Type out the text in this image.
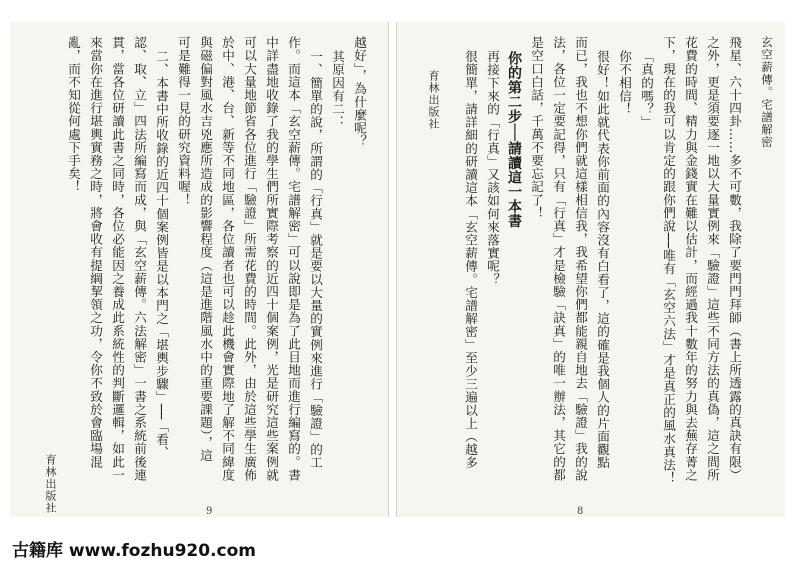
越好」，為什麼呢？
其原因有二：
一、簡單的說，所謂的「行真」就是要以大量的實例來進行「驗證」的工
作。而這本「玄空薪傳。宅譜解密」可以說即是為了此目地而進行編寫的。書
中詳盡地收錄了我的學生們所實際考察的近四十個案例，光是研究這些案例就
可以大量地節省各位進行「驗證」所需花費的時間。此外，由於這些學生廣佈
於中、港、台、新等不同地區，各位讀者也可以趁此機會實際地了解不同緯度
與磁偏對風水吉兇應所造成的影響程度（這是進階風水中的重要課題），這
可是難得一見的研究資料喔！
二、本書中所收錄的近四十個案例皆是以本門之「堪輿步驟」──「看、
認、取、立」四法所編寫而成，與「玄空薪傳。六法解密」一書之系統前後連
貫，當各位研讀此書之同時，各位必能因之養成此系統性的判斷邏輯，如此一
來當你在進行堪輿實務之時，將會收有提綱挈領之功，令你不致於會臨場混
亂，而不知從何處下手矣！
育林出版社	9
玄空薪傳。宅譜解密
飛星、六十四卦……多不可數，我除了要門門拜師（書上所透露的真訣有限）
之外，更是須要逐一地以大量實例來「驗證」這些不同方法的真偽，這之間所
花費的時間、精力與金錢實在難以估計，而經過我十數年的努力與去蕪存菁之
下，現在的我可以肯定的跟你們說──唯有「玄空六法」才是真正的風水真法！
「真的嗎？」
你不相信！
很好！如此就代表你前面的內容沒有白看了，這的確是我個人的片面觀點
而已，我也不想你們就這樣相信我，我希望你們都能親自地去「驗證」我的說
法，各位一定要記得，只有「行真」才是檢驗「訣真」的唯一辦法，其它的都
是空口白話，千萬不要忘記了！
你的第二步──請讀這一本書
再接下來的「行真」又該如何來落實呢？
很簡單，請詳細的研讀這本「玄空薪傳。宅譜解密」至少三遍以上（越多
育林出版社
8
古籍库 www.fozhu920.com
